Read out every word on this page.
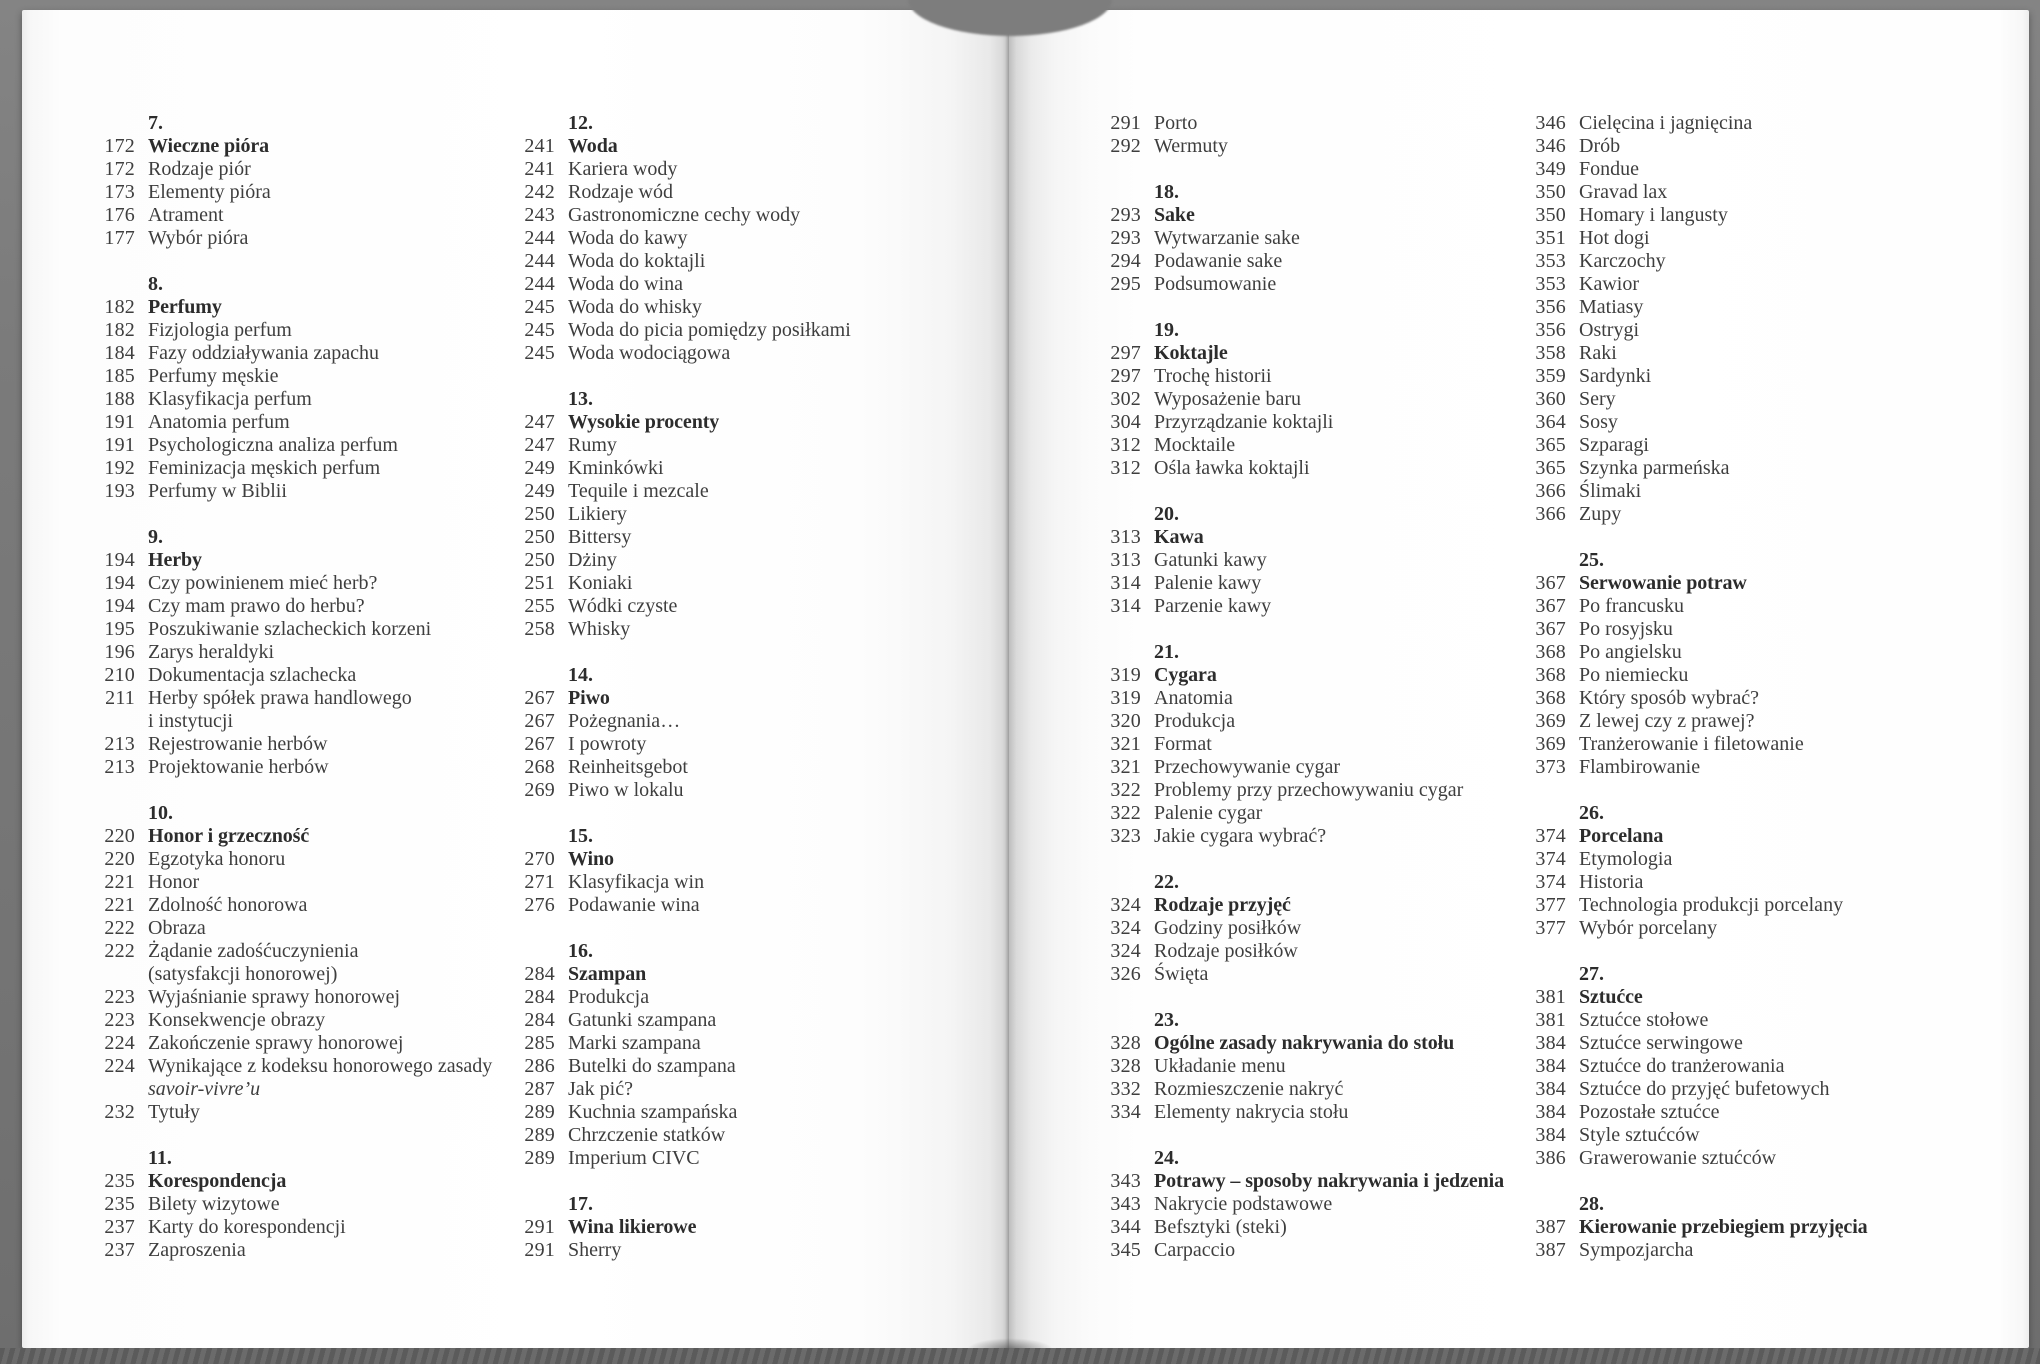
7.
172 Wieczne pióra
172 Rodzaje piór
173 Elementy pióra
176 Atrament
177 Wybór pióra
8.
182 Perfumy
182 Fizjologia perfum
184 Fazy oddziaływania zapachu
185 Perfumy męskie
188 Klasyfikacja perfum
191 Anatomia perfum
191 Psychologiczna analiza perfum
192 Feminizacja męskich perfum
193 Perfumy w Biblii
9.
194 Herby
194 Czy powinienem mieć herb?
194 Czy mam prawo do herbu?
195 Poszukiwanie szlacheckich korzeni
196 Zarys heraldyki
210 Dokumentacja szlachecka
211 Herby spółek prawa handlowego
i instytucji
213 Rejestrowanie herbów
213 Projektowanie herbów
10.
220 Honor i grzeczność
220 Egzotyka honoru
221 Honor
221 Zdolność honorowa
222 Obraza
222 Żądanie zadośćuczynienia
(satysfakcji honorowej)
223 Wyjaśnianie sprawy honorowej
223 Konsekwencje obrazy
224 Zakończenie sprawy honorowej
224 Wynikające z kodeksu honorowego zasady
savoir-vivre’u
232 Tytuły
11.
235 Korespondencja
235 Bilety wizytowe
237 Karty do korespondencji
237 Zaproszenia
12.
241 Woda
241 Kariera wody
242 Rodzaje wód
243 Gastronomiczne cechy wody
244 Woda do kawy
244 Woda do koktajli
244 Woda do wina
245 Woda do whisky
245 Woda do picia pomiędzy posiłkami
245 Woda wodociągowa
13.
247 Wysokie procenty
247 Rumy
249 Kminkówki
249 Tequile i mezcale
250 Likiery
250 Bittersy
250 Dżiny
251 Koniaki
255 Wódki czyste
258 Whisky
14.
267 Piwo
267 Pożegnania…
267 I powroty
268 Reinheitsgebot
269 Piwo w lokalu
15.
270 Wino
271 Klasyfikacja win
276 Podawanie wina
16.
284 Szampan
284 Produkcja
284 Gatunki szampana
285 Marki szampana
286 Butelki do szampana
287 Jak pić?
289 Kuchnia szampańska
289 Chrzczenie statków
289 Imperium CIVC
17.
291 Wina likierowe
291 Sherry
291 Porto
292 Wermuty
18.
293 Sake
293 Wytwarzanie sake
294 Podawanie sake
295 Podsumowanie
19.
297 Koktajle
297 Trochę historii
302 Wyposażenie baru
304 Przyrządzanie koktajli
312 Mocktaile
312 Ośla ławka koktajli
20.
313 Kawa
313 Gatunki kawy
314 Palenie kawy
314 Parzenie kawy
21.
319 Cygara
319 Anatomia
320 Produkcja
321 Format
321 Przechowywanie cygar
322 Problemy przy przechowywaniu cygar
322 Palenie cygar
323 Jakie cygara wybrać?
22.
324 Rodzaje przyjęć
324 Godziny posiłków
324 Rodzaje posiłków
326 Święta
23.
328 Ogólne zasady nakrywania do stołu
328 Układanie menu
332 Rozmieszczenie nakryć
334 Elementy nakrycia stołu
24.
343 Potrawy – sposoby nakrywania i jedzenia
343 Nakrycie podstawowe
344 Befsztyki (steki)
345 Carpaccio
346 Cielęcina i jagnięcina
346 Drób
349 Fondue
350 Gravad lax
350 Homary i langusty
351 Hot dogi
353 Karczochy
353 Kawior
356 Matiasy
356 Ostrygi
358 Raki
359 Sardynki
360 Sery
364 Sosy
365 Szparagi
365 Szynka parmeńska
366 Ślimaki
366 Zupy
25.
367 Serwowanie potraw
367 Po francusku
367 Po rosyjsku
368 Po angielsku
368 Po niemiecku
368 Który sposób wybrać?
369 Z lewej czy z prawej?
369 Tranżerowanie i filetowanie
373 Flambirowanie
26.
374 Porcelana
374 Etymologia
374 Historia
377 Technologia produkcji porcelany
377 Wybór porcelany
27.
381 Sztućce
381 Sztućce stołowe
384 Sztućce serwingowe
384 Sztućce do tranżerowania
384 Sztućce do przyjęć bufetowych
384 Pozostałe sztućce
384 Style sztućców
386 Grawerowanie sztućców
28.
387 Kierowanie przebiegiem przyjęcia
387 Sympozjarcha
